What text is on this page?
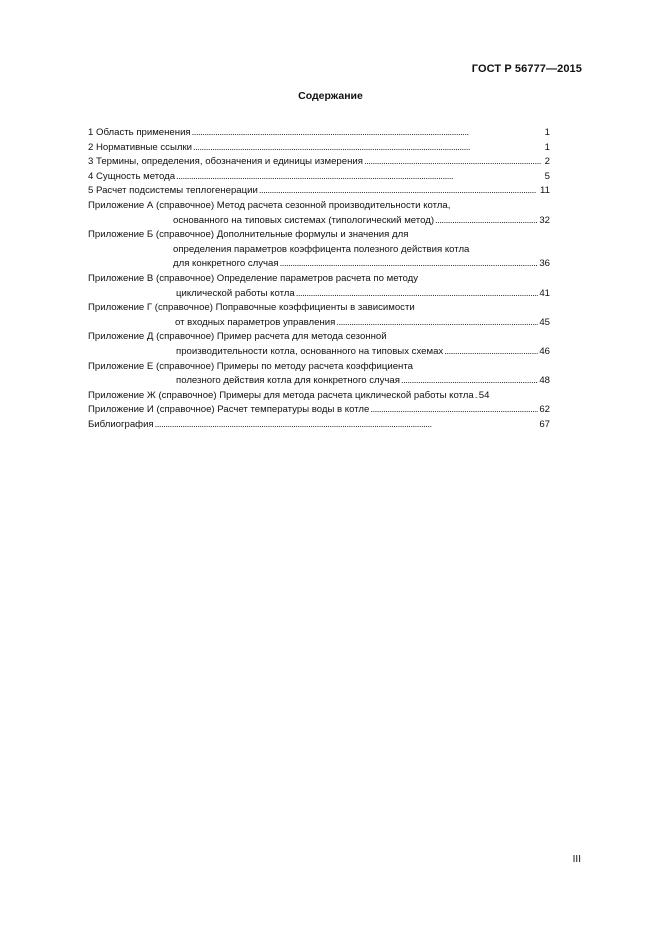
ГОСТ Р 56777—2015
Содержание
1 Область применения . . .	1
2 Нормативные ссылки . . .	1
3 Термины, определения, обозначения и единицы измерения . . .	2
4 Сущность метода . . .	5
5 Расчет подсистемы теплогенерации . . .	11
Приложение А (справочное) Метод расчета сезонной производительности котла,
основанного на типовых системах (типологический метод) . . .	32
Приложение Б (справочное) Дополнительные формулы и значения для
определения параметров коэффицента полезного действия котла
для конкретного случая . . .	36
Приложение В (справочное) Определение параметров расчета по методу
циклической работы котла . . .	41
Приложение Г (справочное) Поправочные коэффициенты в зависимости
от входных параметров управления . . .	45
Приложение Д (справочное) Пример расчета для метода сезонной
производительности котла, основанного на типовых схемах . . .	46
Приложение Е (справочное) Примеры по методу расчета коэффициента
полезного действия котла для конкретного случая . . .	48
Приложение Ж (справочное) Примеры для метода расчета циклической работы котла . . . 54
Приложение И (справочное) Расчет температуры воды в котле . . .	62
Библиография . . .	67
III
